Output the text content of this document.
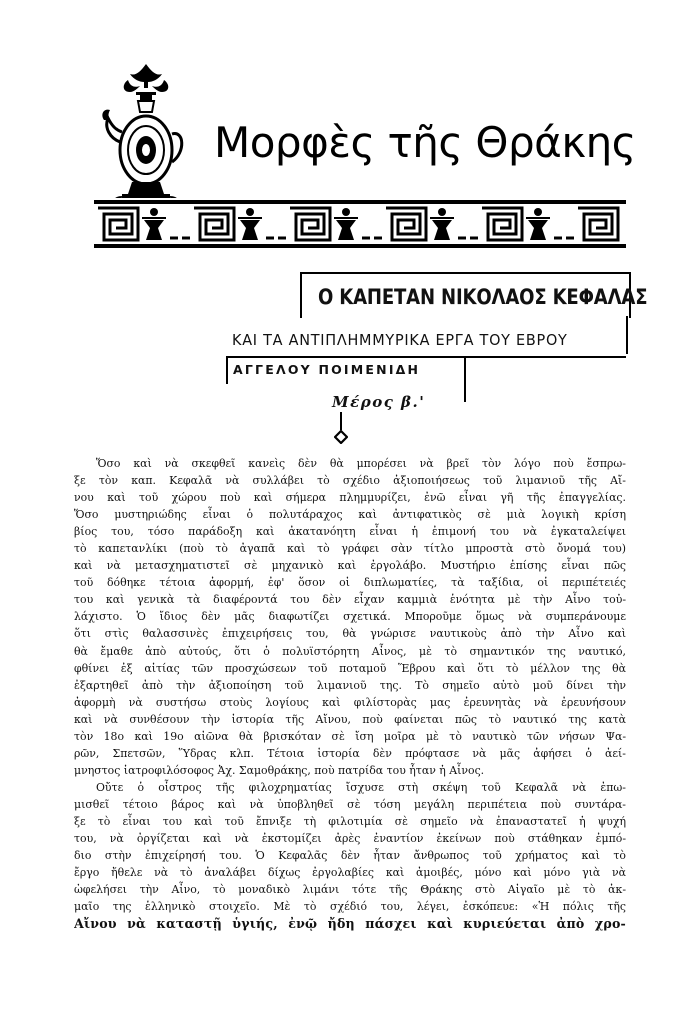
Μορφὲς τῆς Θράκης
Ο ΚΑΠΕΤΑΝ ΝΙΚΟΛΑΟΣ ΚΕΦΑΛΑΣ
ΚΑΙ ΤΑ ΑΝΤΙΠΛΗΜΜΥΡΙΚΑ ΕΡΓΑ ΤΟΥ ΕΒΡΟΥ
ΑΓΓΕΛΟΥ ΠΟΙΜΕΝΙΔΗ
Μέρος β.'
Ὅσο καὶ νὰ σκεφθεῖ κανεὶς δὲν θὰ μπορέσει νὰ βρεῖ τὸν λόγο ποὺ ἔσπρω-
ξε τὸν καπ. Κεφαλᾶ νὰ συλλάβει τὸ σχέδιο ἀξιοποιήσεως τοῦ λιμανιοῦ τῆς Αἴ-
νου καὶ τοῦ χώρου ποὺ καὶ σήμερα πλημμυρίζει, ἐνῶ εἶναι γῆ τῆς ἐπαγγελίας.
Ὅσο μυστηριώδης εἶναι ὁ πολυτάραχος καὶ ἀντιφατικὸς σὲ μιὰ λογικὴ κρίση
βίος του, τόσο παράδοξη καὶ ἀκατανόητη εἶναι ἡ ἐπιμονή του νὰ ἐγκαταλείψει
τὸ καπετανλίκι (ποὺ τὸ ἀγαπᾶ καὶ τὸ γράφει σὰν τίτλο μπροστὰ στὸ ὄνομά του)
καὶ νὰ μετασχηματιστεῖ σὲ μηχανικὸ καὶ ἐργολάβο. Μυστήριο ἐπίσης εἶναι πῶς
τοῦ δόθηκε τέτοια ἀφορμή, ἐφ' ὅσον οἱ διπλωματίες, τὰ ταξίδια, οἱ περιπέτειές
του καὶ γενικὰ τὰ διαφέροντά του δὲν εἶχαν καμμιὰ ἑνότητα μὲ τὴν Αἶνο τοὐ-
λάχιστο. Ὁ ἴδιος δὲν μᾶς διαφωτίζει σχετικά. Μποροῦμε ὅμως νὰ συμπεράνουμε
ὅτι στὶς θαλασσινὲς ἐπιχειρήσεις του, θὰ γνώρισε ναυτικοὺς ἀπὸ τὴν Αἶνο καὶ
θὰ ἔμαθε ἀπὸ αὐτούς, ὅτι ὁ πολυϊστόρητη Αἶνος, μὲ τὸ σημαντικόν της ναυτικό,
φθίνει ἐξ αἰτίας τῶν προσχώσεων τοῦ ποταμοῦ Ἕβρου καὶ ὅτι τὸ μέλλον της θὰ
ἐξαρτηθεῖ ἀπὸ τὴν ἀξιοποίηση τοῦ λιμανιοῦ της. Τὸ σημεῖο αὐτὸ μοῦ δίνει τὴν
ἀφορμὴ νὰ συστήσω στοὺς λογίους καὶ φιλίστορὰς μας ἐρευνητὰς νὰ ἐρευνήσουν
καὶ νὰ συνθέσουν τὴν ἱστορία τῆς Αἴνου, ποὺ φαίνεται πῶς τὸ ναυτικό της κατὰ
τὸν 18ο καὶ 19ο αἰῶνα θὰ βρισκόταν σὲ ἴση μοῖρα μὲ τὸ ναυτικὸ τῶν νήσων Ψα-
ρῶν, Σπετσῶν, Ὕδρας κλπ. Τέτοια ἱστορία δὲν πρόφτασε νὰ μᾶς ἀφήσει ὁ ἀεί-
μνηστος ἰατροφιλόσοφος Ἀχ. Σαμοθράκης, ποὺ πατρίδα του ἦταν ἡ Αἶνος.
Οὔτε ὁ οἶστρος τῆς φιλοχρηματίας ἴσχυσε στὴ σκέψη τοῦ Κεφαλᾶ νὰ ἐπω-
μισθεῖ τέτοιο βάρος καὶ νὰ ὑποβληθεῖ σὲ τόση μεγάλη περιπέτεια ποὺ συντάρα-
ξε τὸ εἶναι του καὶ τοῦ ἔπνιξε τὴ φιλοτιμία σὲ σημεῖο νὰ ἐπαναστατεῖ ἡ ψυχή
του, νὰ ὀργίζεται καὶ νὰ ἐκστομίζει ἀρὲς ἐναντίον ἐκείνων ποὺ στάθηκαν ἐμπό-
διο στὴν ἐπιχείρησή του. Ὁ Κεφαλᾶς δὲν ἦταν ἄνθρωπος τοῦ χρήματος καὶ τὸ
ἔργο ἤθελε νὰ τὸ ἀναλάβει δίχως ἐργολαβίες καὶ ἀμοιβές, μόνο καὶ μόνο γιὰ νὰ
ὠφελήσει τὴν Αἶνο, τὸ μοναδικὸ λιμάνι τότε τῆς Θράκης στὸ Αἰγαῖο μὲ τὸ ἀκ-
μαῖο της ἑλληνικὸ στοιχεῖο. Μὲ τὸ σχέδιό του, λέγει, ἐσκόπευε: «Ἡ πόλις τῆς
Αἴνου νὰ καταστῇ ὑγιής, ἐνῷ ἤδη πάσχει καὶ κυριεύεται ἀπὸ χρο-
